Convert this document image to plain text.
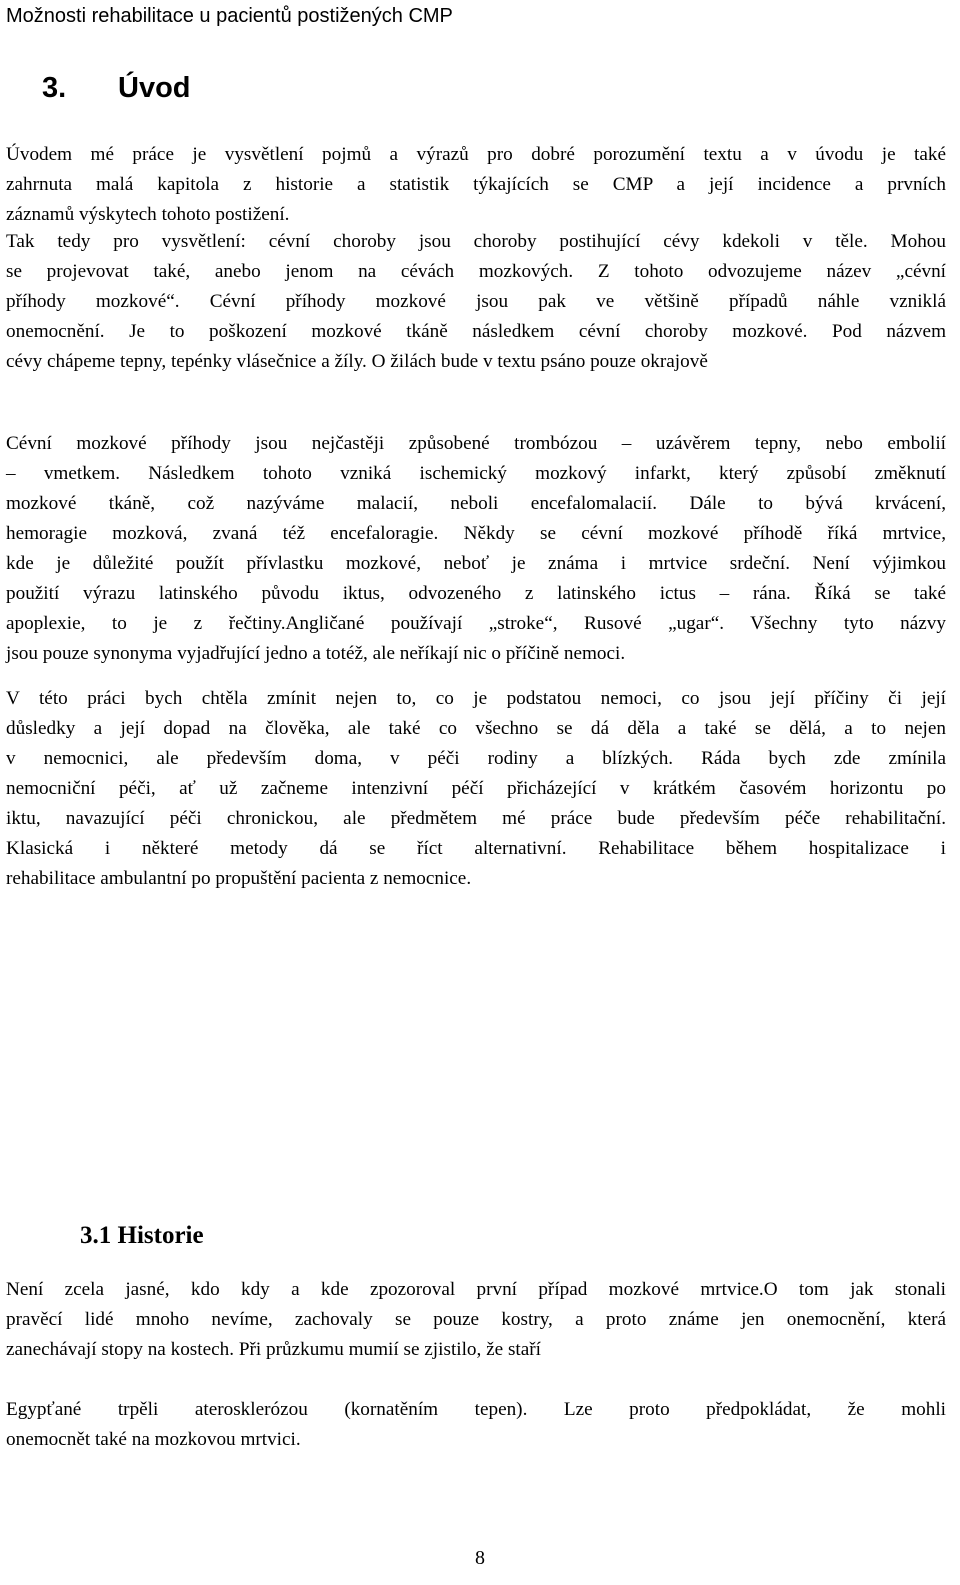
Možnosti rehabilitace u pacientů postižených CMP
3. Úvod
Úvodem mé práce je vysvětlení pojmů a výrazů pro dobré porozumění textu a v úvodu je také
zahrnuta malá kapitola z historie a statistik týkajících se CMP a její incidence a prvních
záznamů výskytech tohoto postižení.
Tak tedy pro vysvětlení: cévní choroby jsou choroby postihující cévy kdekoli v těle. Mohou
se projevovat také, anebo jenom na cévách mozkových. Z tohoto odvozujeme název „cévní
příhody mozkové“. Cévní příhody mozkové jsou pak ve většině případů náhle vzniklá
onemocnění. Je to poškození mozkové tkáně následkem cévní choroby mozkové. Pod názvem
cévy chápeme tepny, tepénky vlásečnice a žíly. O žilách bude v textu psáno pouze okrajově
Cévní mozkové příhody jsou nejčastěji způsobené trombózou – uzávěrem tepny, nebo embolií
– vmetkem. Následkem tohoto vzniká ischemický mozkový infarkt, který způsobí změknutí
mozkové tkáně, což nazýváme malacií, neboli encefalomalacií. Dále to bývá krvácení,
hemoragie mozková, zvaná též encefaloragie. Někdy se cévní mozkové příhodě říká mrtvice,
kde je důležité použít přívlastku mozkové, neboť je známa i mrtvice srdeční. Není výjimkou
použití výrazu latinského původu iktus, odvozeného z latinského ictus – rána. Říká se také
apoplexie, to je z řečtiny.Angličané používají „stroke“, Rusové „ugar“. Všechny tyto názvy
jsou pouze synonyma vyjadřující jedno a totéž, ale neříkají nic o příčině nemoci.
V této práci bych chtěla zmínit nejen to, co je podstatou nemoci, co jsou její příčiny či její
důsledky a její dopad na člověka, ale také co všechno se dá děla a také se dělá, a to nejen
v nemocnici, ale především doma, v péči rodiny a blízkých. Ráda bych zde zmínila
nemocniční péči, ať už začneme intenzivní péčí přicházející v krátkém časovém horizontu po
iktu, navazující péči chronickou, ale předmětem mé práce bude především péče rehabilitační.
Klasická i některé metody dá se říct alternativní. Rehabilitace během hospitalizace i
rehabilitace ambulantní po propuštění pacienta z nemocnice.
3.1 Historie
Není zcela jasné, kdo kdy a kde zpozoroval první případ mozkové mrtvice.O tom jak stonali
pravěcí lidé mnoho nevíme, zachovaly se pouze kostry, a proto známe jen onemocnění, která
zanechávají stopy na kostech. Při průzkumu mumií se zjistilo, že staří
Egypťané trpěli aterosklerózou (kornatěním tepen). Lze proto předpokládat, že mohli
onemocnět také na mozkovou mrtvici.
8
